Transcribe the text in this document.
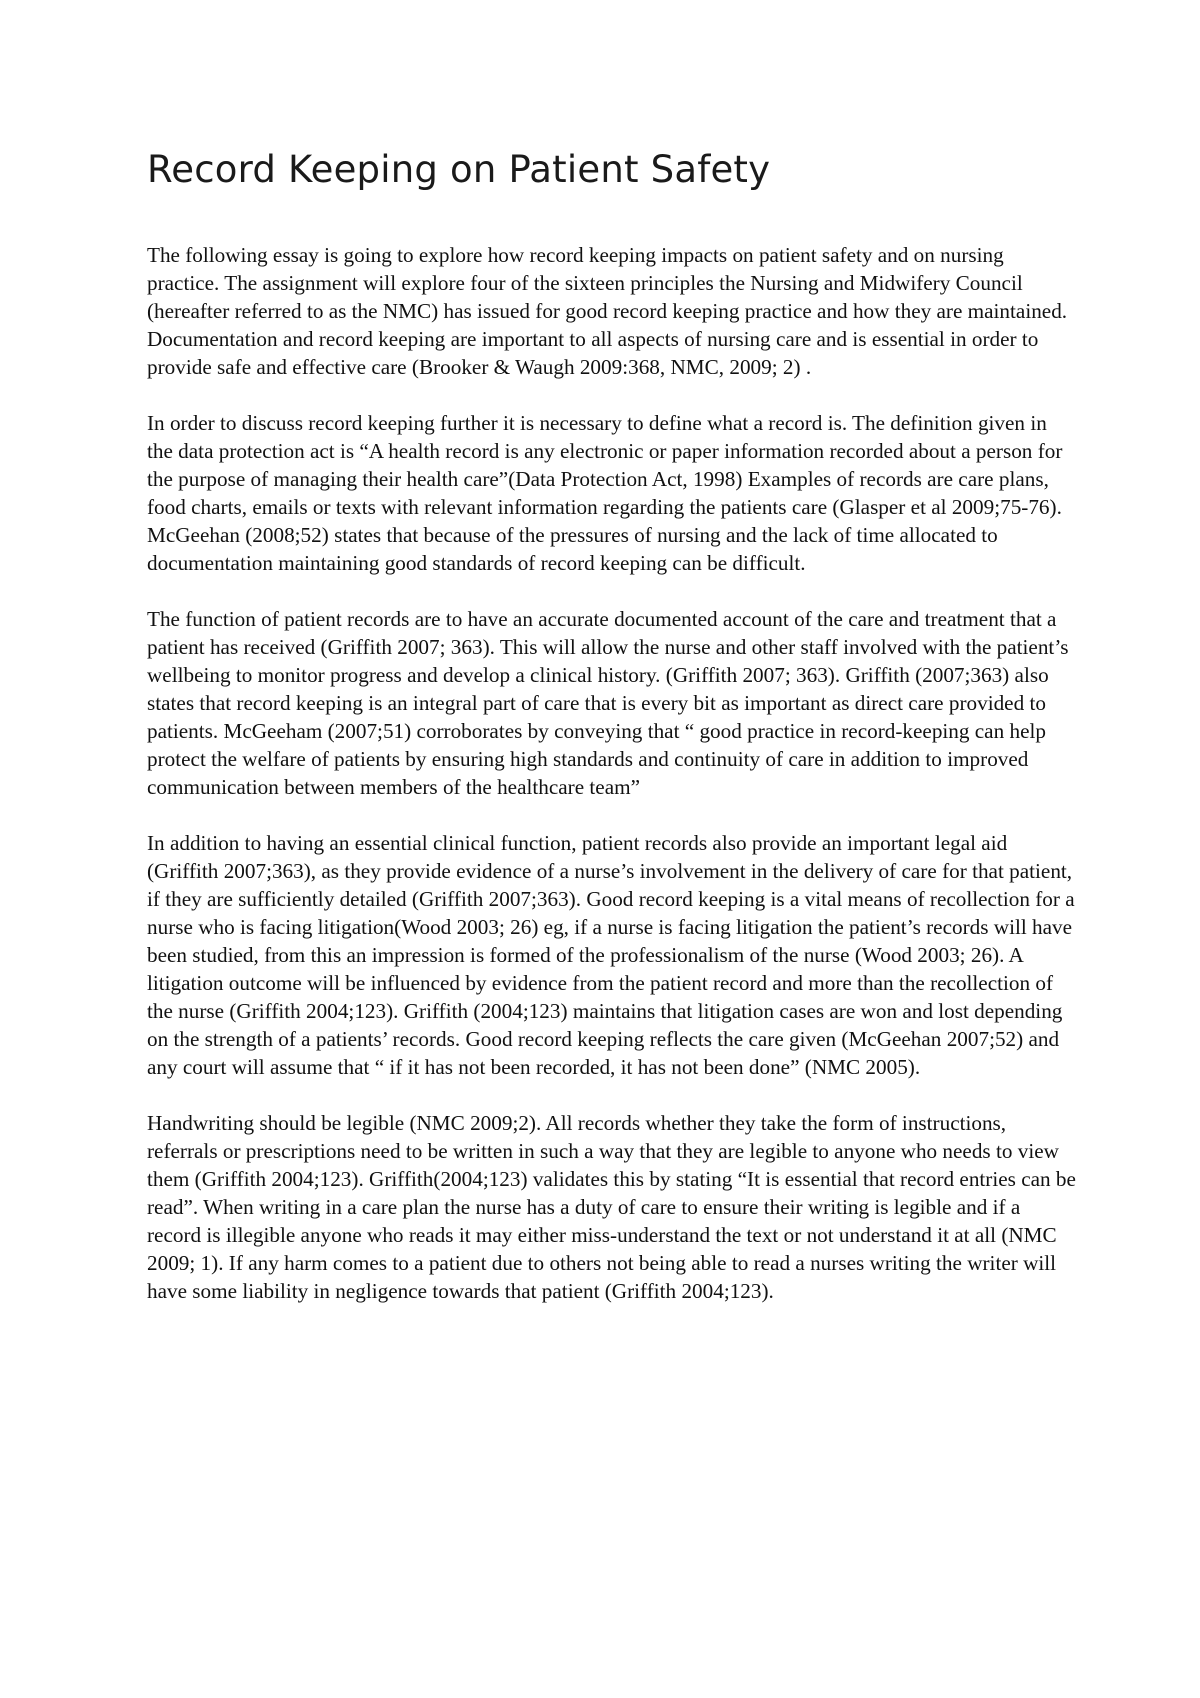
Record Keeping on Patient Safety

The following essay is going to explore how record keeping impacts on patient safety and on nursing practice. The assignment will explore four of the sixteen principles the Nursing and Midwifery Council (hereafter referred to as the NMC) has issued for good record keeping practice and how they are maintained. Documentation and record keeping are important to all aspects of nursing care and is essential in order to provide safe and effective care (Brooker & Waugh 2009:368, NMC, 2009; 2) .

In order to discuss record keeping further it is necessary to define what a record is. The definition given in the data protection act is “A health record is any electronic or paper information recorded about a person for the purpose of managing their health care”(Data Protection Act, 1998) Examples of records are care plans, food charts, emails or texts with relevant information regarding the patients care (Glasper et al 2009;75-76). McGeehan (2008;52) states that because of the pressures of nursing and the lack of time allocated to documentation maintaining good standards of record keeping can be difficult.

The function of patient records are to have an accurate documented account of the care and treatment that a patient has received (Griffith 2007; 363). This will allow the nurse and other staff involved with the patient’s wellbeing to monitor progress and develop a clinical history. (Griffith 2007; 363). Griffith (2007;363) also states that record keeping is an integral part of care that is every bit as important as direct care provided to patients. McGeeham (2007;51) corroborates by conveying that “ good practice in record-keeping can help protect the welfare of patients by ensuring high standards and continuity of care in addition to improved communication between members of the healthcare team”

In addition to having an essential clinical function, patient records also provide an important legal aid (Griffith 2007;363), as they provide evidence of a nurse’s involvement in the delivery of care for that patient, if they are sufficiently detailed (Griffith 2007;363). Good record keeping is a vital means of recollection for a nurse who is facing litigation(Wood 2003; 26) eg, if a nurse is facing litigation the patient’s records will have been studied, from this an impression is formed of the professionalism of the nurse (Wood 2003; 26). A litigation outcome will be influenced by evidence from the patient record and more than the recollection of the nurse (Griffith 2004;123). Griffith (2004;123) maintains that litigation cases are won and lost depending on the strength of a patients’ records. Good record keeping reflects the care given (McGeehan 2007;52) and any court will assume that “ if it has not been recorded, it has not been done” (NMC 2005).

Handwriting should be legible (NMC 2009;2). All records whether they take the form of instructions, referrals or prescriptions need to be written in such a way that they are legible to anyone who needs to view them (Griffith 2004;123). Griffith(2004;123) validates this by stating “It is essential that record entries can be read”. When writing in a care plan the nurse has a duty of care to ensure their writing is legible and if a record is illegible anyone who reads it may either miss-understand the text or not understand it at all (NMC 2009; 1). If any harm comes to a patient due to others not being able to read a nurses writing the writer will have some liability in negligence towards that patient (Griffith 2004;123).
